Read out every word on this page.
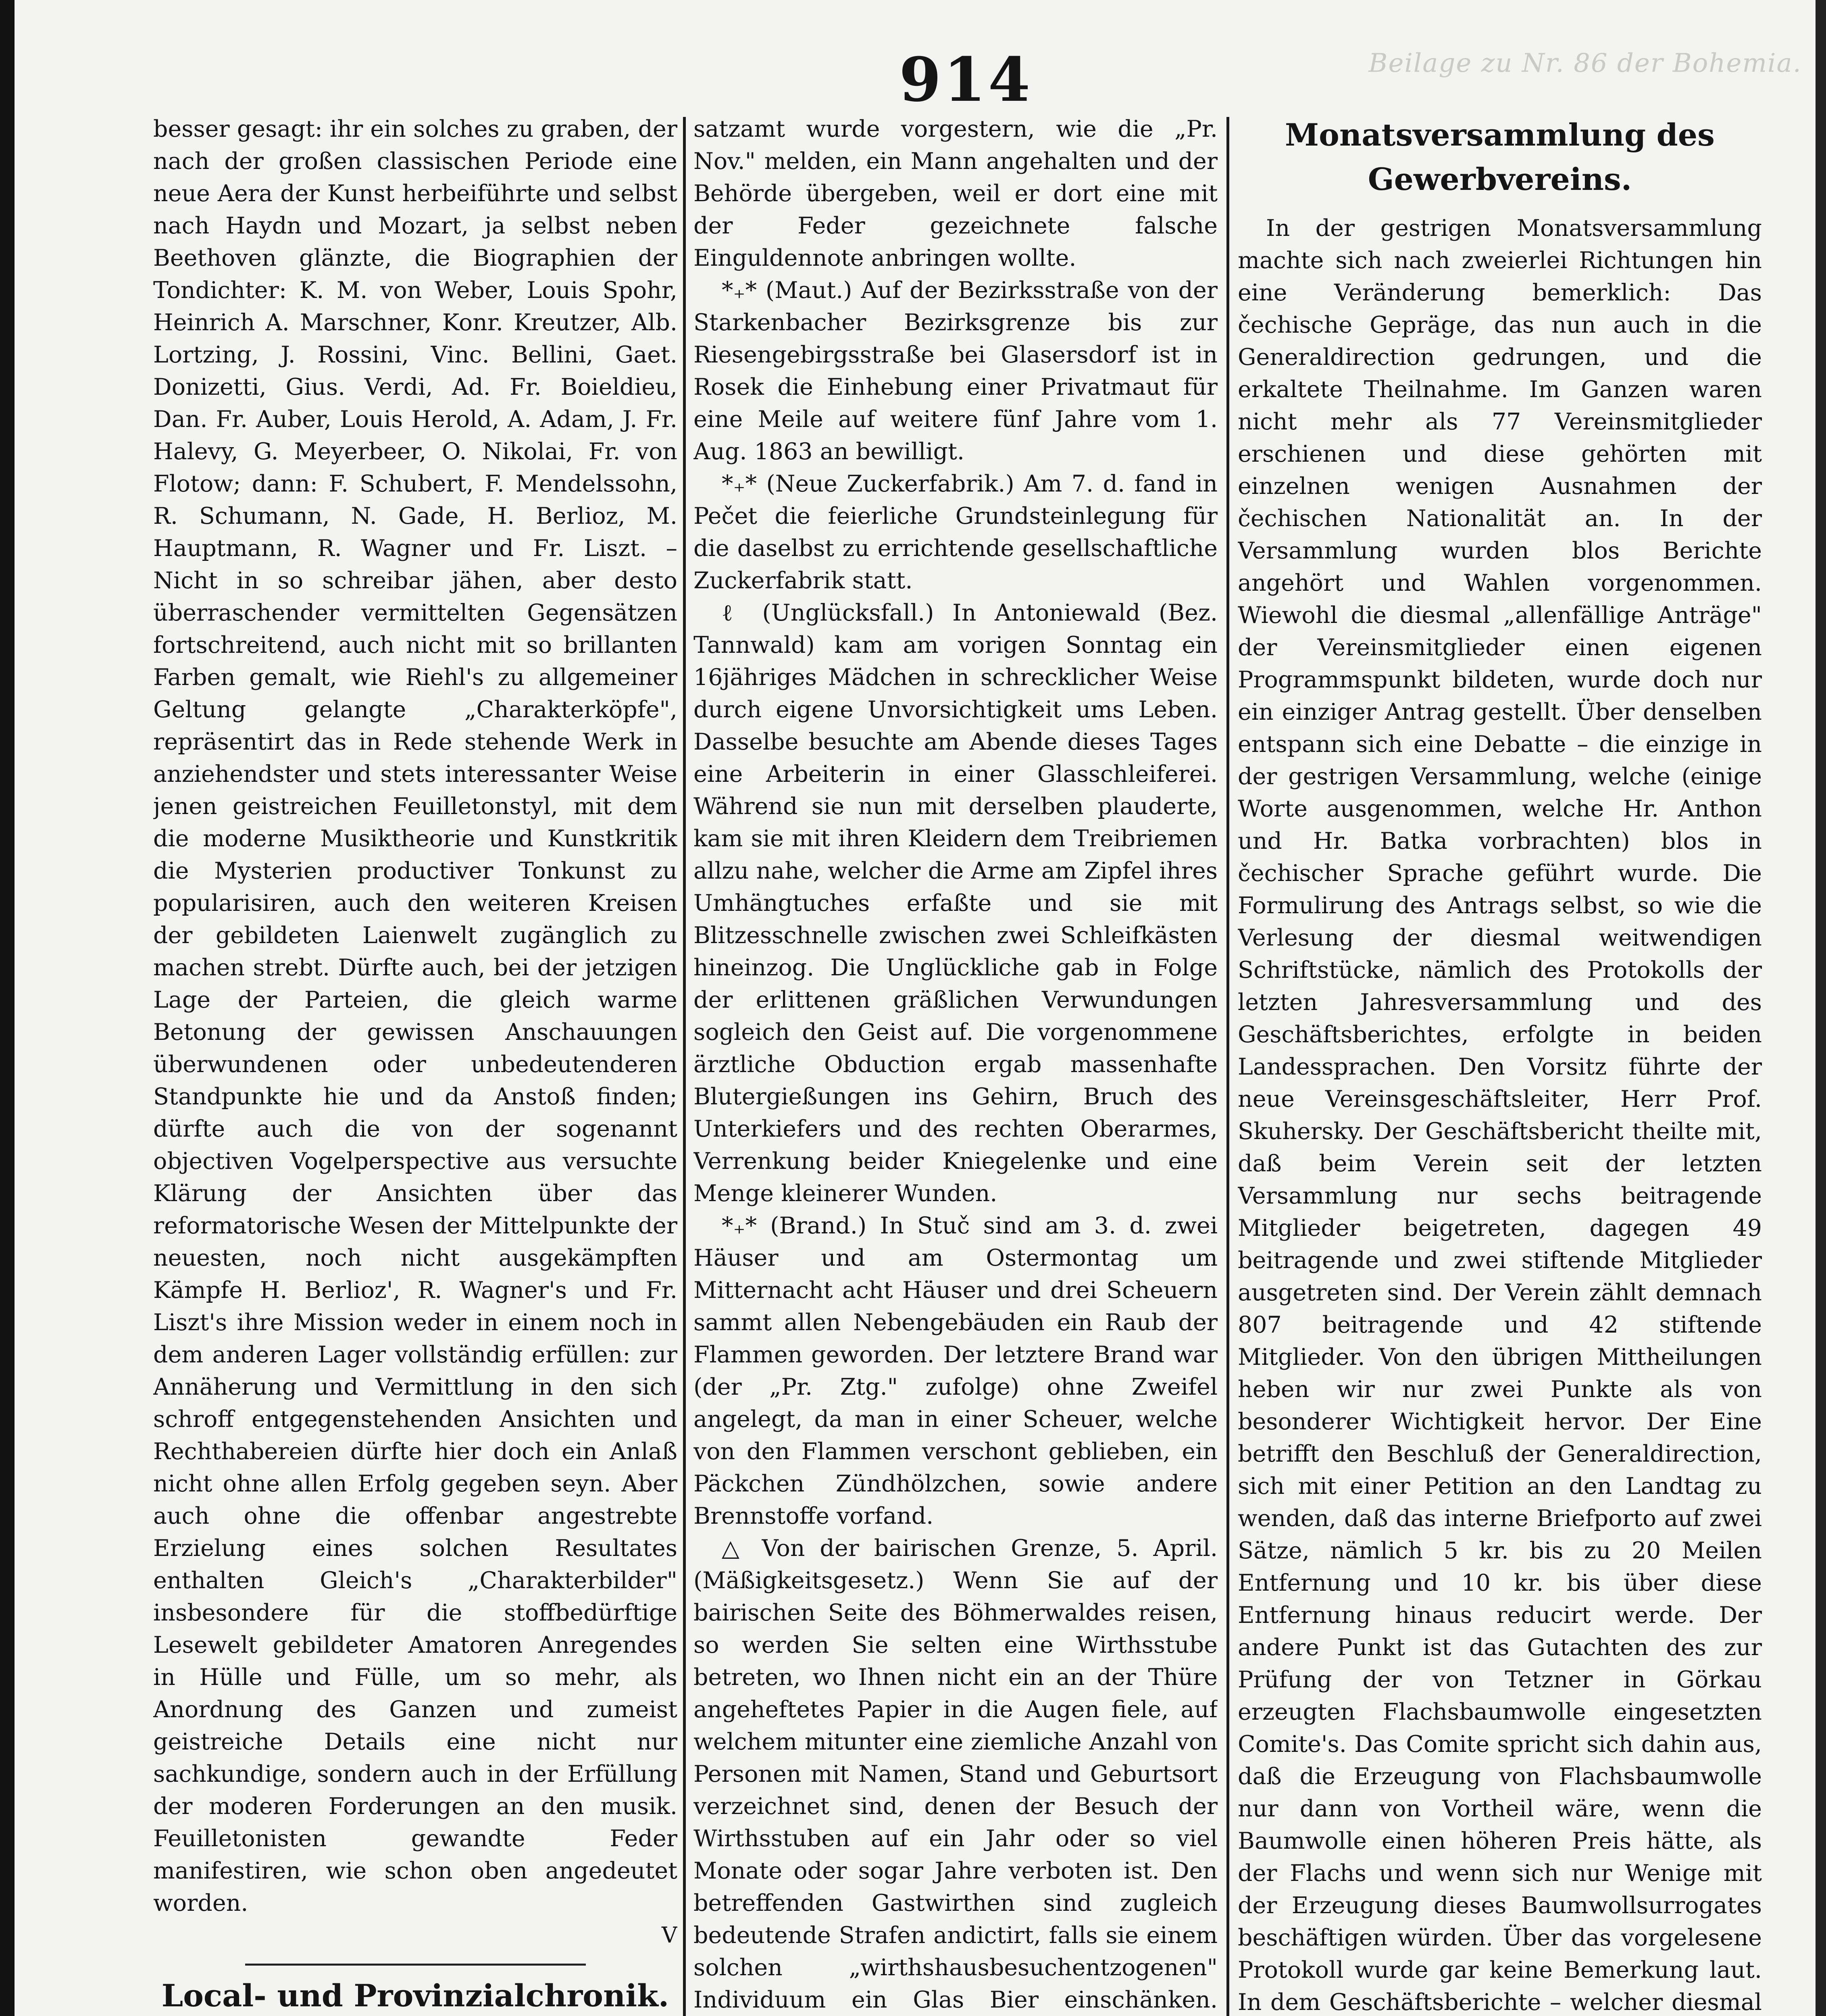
Beilage zu Nr. 86 der Bohemia.
914

besser gesagt: ihr ein solches zu graben, der nach der großen classischen Periode eine neue Aera der Kunst herbeiführte und selbst nach Haydn und Mozart, ja selbst neben Beethoven glänzte, die Biographien der Tondichter: K. M. von Weber, Louis Spohr, Heinrich A. Marschner, Konr. Kreutzer, Alb. Lortzing, J. Rossini, Vinc. Bellini, Gaet. Donizetti, Gius. Verdi, Ad. Fr. Boieldieu, Dan. Fr. Auber, Louis Herold, A. Adam, J. Fr. Halevy, G. Meyerbeer, O. Nikolai, Fr. von Flotow; dann: F. Schubert, F. Mendelssohn, R. Schumann, N. Gade, H. Berlioz, M. Hauptmann, R. Wagner und Fr. Liszt. – Nicht in so schreibar jähen, aber desto überraschender vermittelten Gegensätzen fortschreitend, auch nicht mit so brillanten Farben gemalt, wie Riehl's zu allgemeiner Geltung gelangte „Charakterköpfe", repräsentirt das in Rede stehende Werk in anziehendster und stets interessanter Weise jenen geistreichen Feuilletonstyl, mit dem die moderne Musiktheorie und Kunstkritik die Mysterien productiver Tonkunst zu popularisiren, auch den weiteren Kreisen der gebildeten Laienwelt zugänglich zu machen strebt. Dürfte auch, bei der jetzigen Lage der Parteien, die gleich warme Betonung der gewissen Anschauungen überwundenen oder unbedeutenderen Standpunkte hie und da Anstoß finden; dürfte auch die von der sogenannt objectiven Vogelperspective aus versuchte Klärung der Ansichten über das reformatorische Wesen der Mittelpunkte der neuesten, noch nicht ausgekämpften Kämpfe H. Berlioz', R. Wagner's und Fr. Liszt's ihre Mission weder in einem noch in dem anderen Lager vollständig erfüllen: zur Annäherung und Vermittlung in den sich schroff entgegenstehenden Ansichten und Rechthabereien dürfte hier doch ein Anlaß nicht ohne allen Erfolg gegeben seyn. Aber auch ohne die offenbar angestrebte Erzielung eines solchen Resultates enthalten Gleich's „Charakterbilder" insbesondere für die stoffbedürftige Lesewelt gebildeter Amatoren Anregendes in Hülle und Fülle, um so mehr, als Anordnung des Ganzen und zumeist geistreiche Details eine nicht nur sachkundige, sondern auch in der Erfüllung der moderen Forderungen an den musik. Feuilletonisten gewandte Feder manifestiren, wie schon oben angedeutet worden.

V
Local- und Provinzialchronik.

satzamt wurde vorgestern, wie die „Pr. Nov." melden, ein Mann angehalten und der Behörde übergeben, weil er dort eine mit der Feder gezeichnete falsche Einguldennote anbringen wollte.

*₊* (Maut.) Auf der Bezirksstraße von der Starkenbacher Bezirksgrenze bis zur Riesengebirgsstraße bei Glasersdorf ist in Rosek die Einhebung einer Privatmaut für eine Meile auf weitere fünf Jahre vom 1. Aug. 1863 an bewilligt.

*₊* (Neue Zuckerfabrik.) Am 7. d. fand in Pečet die feierliche Grundsteinlegung für die daselbst zu errichtende gesellschaftliche Zuckerfabrik statt.

ℓ (Unglücksfall.) In Antoniewald (Bez. Tannwald) kam am vorigen Sonntag ein 16jähriges Mädchen in schrecklicher Weise durch eigene Unvorsichtigkeit ums Leben. Dasselbe besuchte am Abende dieses Tages eine Arbeiterin in einer Glasschleiferei. Während sie nun mit derselben plauderte, kam sie mit ihren Kleidern dem Treibriemen allzu nahe, welcher die Arme am Zipfel ihres Umhängtuches erfaßte und sie mit Blitzesschnelle zwischen zwei Schleifkästen hineinzog. Die Unglückliche gab in Folge der erlittenen gräßlichen Verwundungen sogleich den Geist auf. Die vorgenommene ärztliche Obduction ergab massenhafte Blutergießungen ins Gehirn, Bruch des Unterkiefers und des rechten Oberarmes, Verrenkung beider Kniegelenke und eine Menge kleinerer Wunden.

*₊* (Brand.) In Stuč sind am 3. d. zwei Häuser und am Ostermontag um Mitternacht acht Häuser und drei Scheuern sammt allen Nebengebäuden ein Raub der Flammen geworden. Der letztere Brand war (der „Pr. Ztg." zufolge) ohne Zweifel angelegt, da man in einer Scheuer, welche von den Flammen verschont geblieben, ein Päckchen Zündhölzchen, sowie andere Brennstoffe vorfand.

△ Von der bairischen Grenze, 5. April. (Mäßigkeitsgesetz.) Wenn Sie auf der bairischen Seite des Böhmerwaldes reisen, so werden Sie selten eine Wirthsstube betreten, wo Ihnen nicht ein an der Thüre angeheftetes Papier in die Augen fiele, auf welchem mitunter eine ziemliche Anzahl von Personen mit Namen, Stand und Geburtsort verzeichnet sind, denen der Besuch der Wirthsstuben auf ein Jahr oder so viel Monate oder sogar Jahre verboten ist. Den betreffenden Gastwirthen sind zugleich bedeutende Strafen andictirt, falls sie einem solchen „wirthshausbesuchentzogenen" Individuum ein Glas Bier einschänken.

Monatsversammlung des Gewerbvereins.

In der gestrigen Monatsversammlung machte sich nach zweierlei Richtungen hin eine Veränderung bemerklich: Das čechische Gepräge, das nun auch in die Generaldirection gedrungen, und die erkaltete Theilnahme. Im Ganzen waren nicht mehr als 77 Vereinsmitglieder erschienen und diese gehörten mit einzelnen wenigen Ausnahmen der čechischen Nationalität an. In der Versammlung wurden blos Berichte angehört und Wahlen vorgenommen. Wiewohl die diesmal „allenfällige Anträge" der Vereinsmitglieder einen eigenen Programmspunkt bildeten, wurde doch nur ein einziger Antrag gestellt. Über denselben entspann sich eine Debatte – die einzige in der gestrigen Versammlung, welche (einige Worte ausgenommen, welche Hr. Anthon und Hr. Batka vorbrachten) blos in čechischer Sprache geführt wurde. Die Formulirung des Antrags selbst, so wie die Verlesung der diesmal weitwendigen Schriftstücke, nämlich des Protokolls der letzten Jahresversammlung und des Geschäftsberichtes, erfolgte in beiden Landessprachen. Den Vorsitz führte der neue Vereinsgeschäftsleiter, Herr Prof. Skuhersky. Der Geschäftsbericht theilte mit, daß beim Verein seit der letzten Versammlung nur sechs beitragende Mitglieder beigetreten, dagegen 49 beitragende und zwei stiftende Mitglieder ausgetreten sind. Der Verein zählt demnach 807 beitragende und 42 stiftende Mitglieder. Von den übrigen Mittheilungen heben wir nur zwei Punkte als von besonderer Wichtigkeit hervor. Der Eine betrifft den Beschluß der Generaldirection, sich mit einer Petition an den Landtag zu wenden, daß das interne Briefporto auf zwei Sätze, nämlich 5 kr. bis zu 20 Meilen Entfernung und 10 kr. bis über diese Entfernung hinaus reducirt werde. Der andere Punkt ist das Gutachten des zur Prüfung der von Tetzner in Görkau erzeugten Flachsbaumwolle eingesetzten Comite's. Das Comite spricht sich dahin aus, daß die Erzeugung von Flachsbaumwolle nur dann von Vortheil wäre, wenn die Baumwolle einen höheren Preis hätte, als der Flachs und wenn sich nur Wenige mit der Erzeugung dieses Baumwollsurrogates beschäftigen würden. Über das vorgelesene Protokoll wurde gar keine Bemerkung laut. In dem Geschäftsberichte – welcher diesmal
